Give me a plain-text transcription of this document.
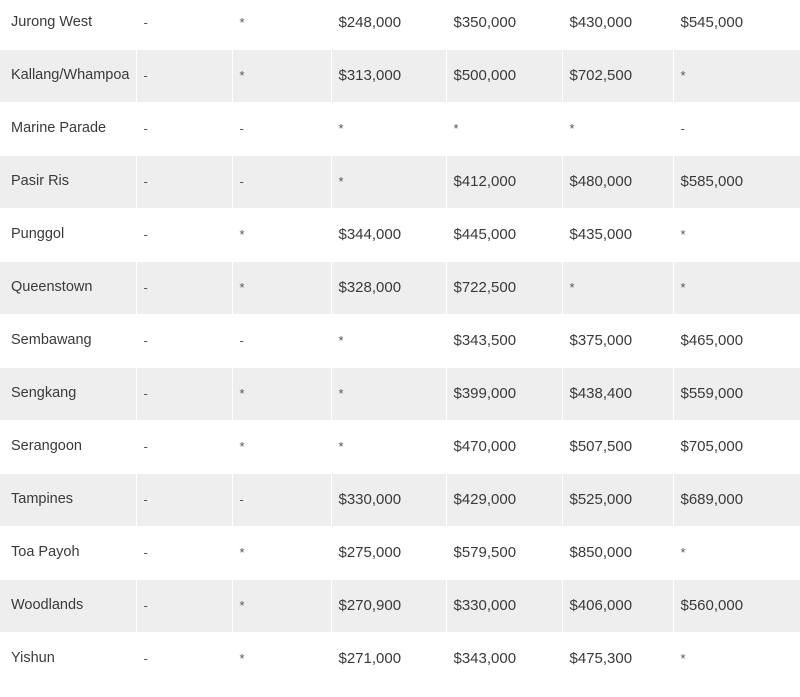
Jurong West	-	*	$248,000	$350,000	$430,000	$545,000
Kallang/Whampoa	-	*	$313,000	$500,000	$702,500	*
Marine Parade	-	-	*	*	*	-
Pasir Ris	-	-	*	$412,000	$480,000	$585,000
Punggol	-	*	$344,000	$445,000	$435,000	*
Queenstown	-	*	$328,000	$722,500	*	*
Sembawang	-	-	*	$343,500	$375,000	$465,000
Sengkang	-	*	*	$399,000	$438,400	$559,000
Serangoon	-	*	*	$470,000	$507,500	$705,000
Tampines	-	-	$330,000	$429,000	$525,000	$689,000
Toa Payoh	-	*	$275,000	$579,500	$850,000	*
Woodlands	-	*	$270,900	$330,000	$406,000	$560,000
Yishun	-	*	$271,000	$343,000	$475,300	*
